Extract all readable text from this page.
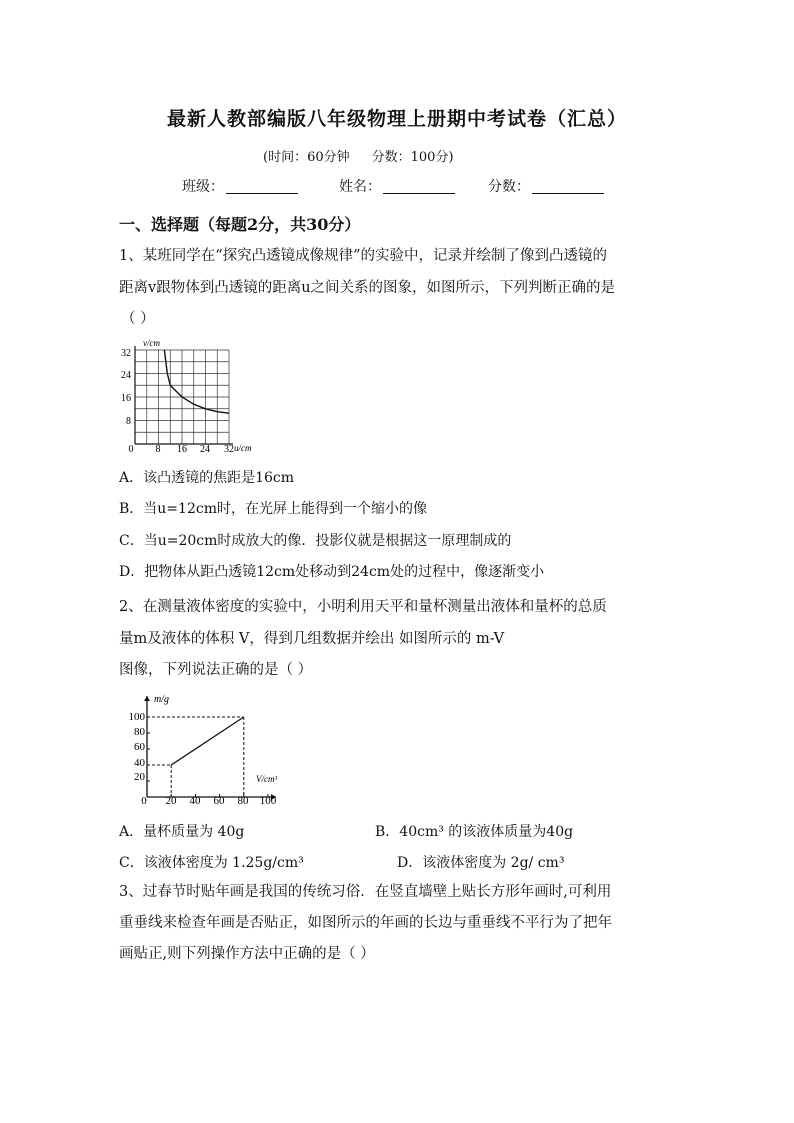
最新人教部编版八年级物理上册期中考试卷（汇总）
(时间：60分钟 分数：100分)
班级：	姓名：	分数：
一、选择题（每题2分，共30分）
1、某班同学在“探究凸透镜成像规律”的实验中，记录并绘制了像到凸透镜的
距离v跟物体到凸透镜的距离u之间关系的图象，如图所示，下列判断正确的是
（ ）
v/cm
u/cm
0 8 16 24 32
8
16
24
32
A．该凸透镜的焦距是16cm
B．当u=12cm时，在光屏上能得到一个缩小的像
C．当u=20cm时成放大的像．投影仪就是根据这一原理制成的
D．把物体从距凸透镜12cm处移动到24cm处的过程中，像逐渐变小
2、在测量液体密度的实验中，小明利用天平和量杯测量出液体和量杯的总质
量m及液体的体积 V，得到几组数据并绘出 如图所示的 m-V
图像，下列说法正确的是（ ）
m/g
V/cm³
0 20 40 60 80 100
20
40
60
80
100
A．量杯质量为 40g	B．40cm³ 的该液体质量为40g
C．该液体密度为 1.25g/cm³	D．该液体密度为 2g/ cm³
3、过春节时贴年画是我国的传统习俗．在竖直墙壁上贴长方形年画时,可利用
重垂线来检查年画是否贴正，如图所示的年画的长边与重垂线不平行为了把年
画贴正,则下列操作方法中正确的是（ ）
